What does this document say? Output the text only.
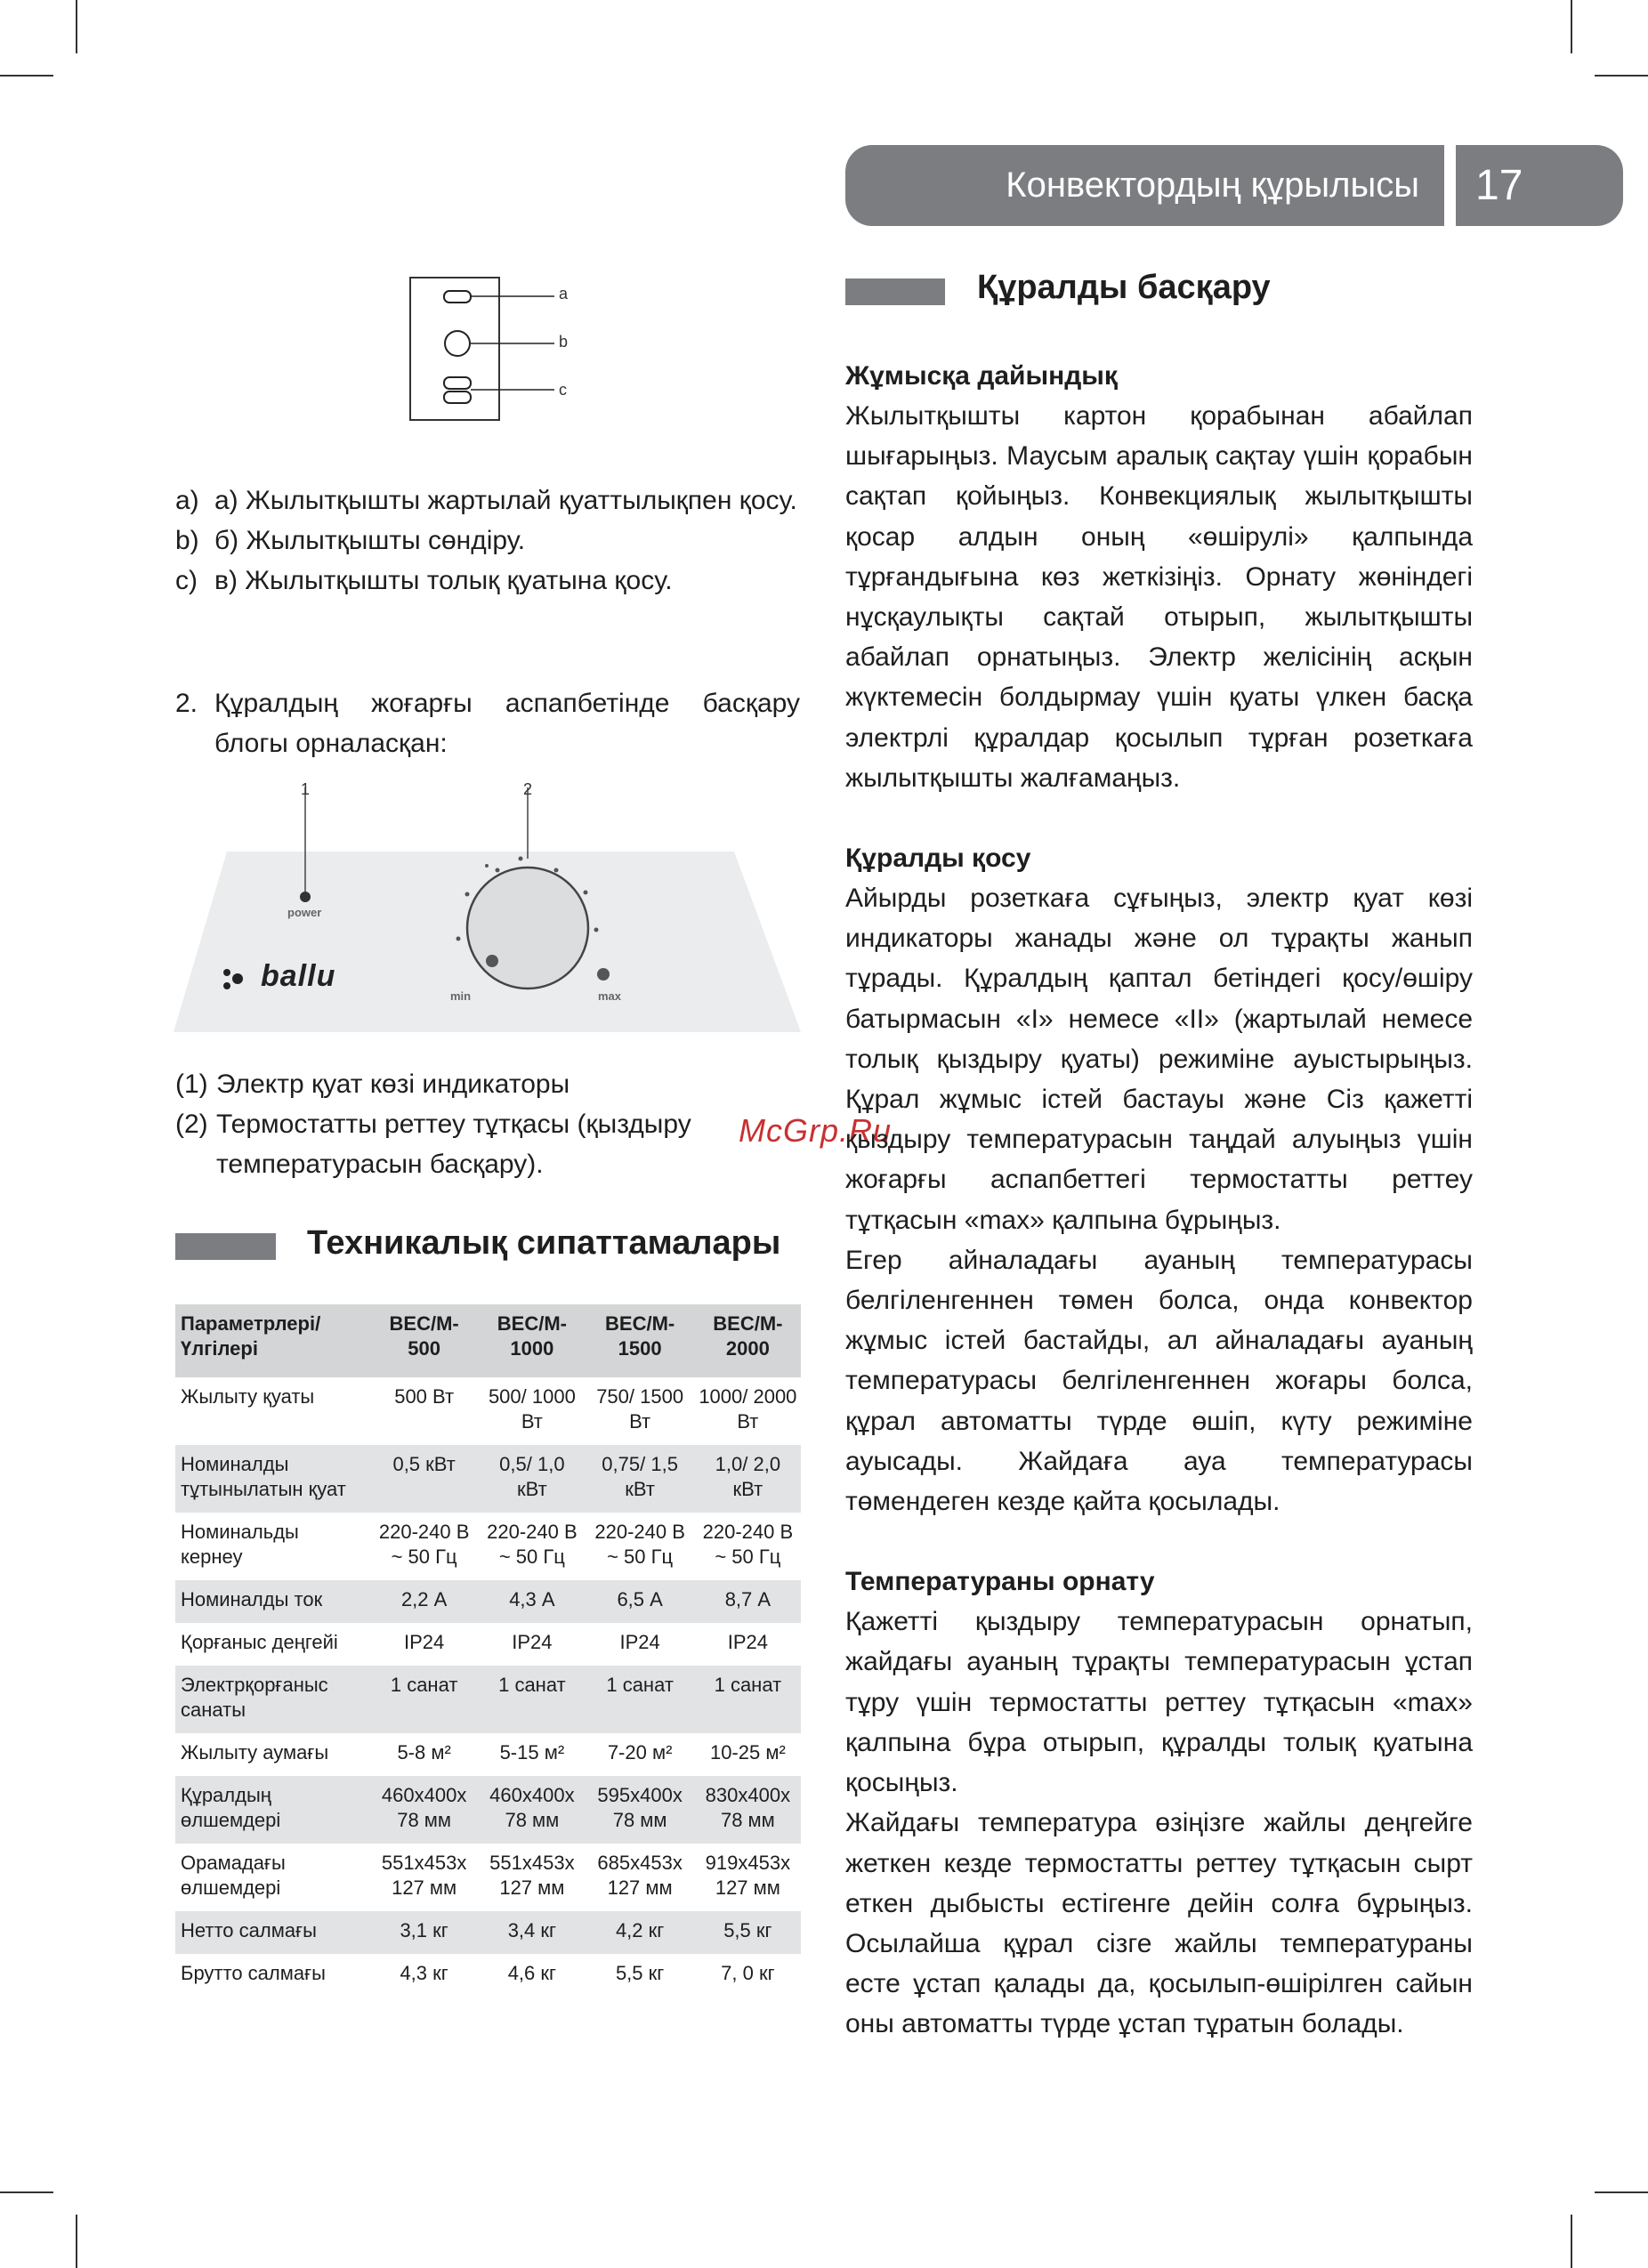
Конвектордың құрылысы	17
a
b
c
a) а) Жылытқышты жартылай қуаттылықпен қосу.
b) б) Жылытқышты сөндіру.
c) в) Жылытқышты толық қуатына қосу.
2. Құралдың жоғарғы аспапбетінде басқару блогы орналасқан:
1	2
power
ballu
min	max
(1) Электр қуат көзі индикаторы
(2) Термостатты реттеу тұтқасы (қыздыру температурасын басқару).
McGrp.Ru
Техникалық сипаттамалары
Параметрлері/ Үлгілері	BEC/M-500	BEC/M-1000	BEC/M-1500	BEC/M-2000
Жылыту қуаты	500 Вт	500/ 1000 Вт	750/ 1500 Вт	1000/ 2000 Вт
Номиналды тұтынылатын қуат	0,5 кВт	0,5/ 1,0 кВт	0,75/ 1,5 кВт	1,0/ 2,0 кВт
Номинальды кернеу	220-240 В ~ 50 Гц	220-240 В ~ 50 Гц	220-240 В ~ 50 Гц	220-240 В ~ 50 Гц
Номиналды ток	2,2 А	4,3 А	6,5 А	8,7 А
Қорғаныс деңгейі	IP24	IP24	IP24	IP24
Электрқорғаныс санаты	1 санат	1 санат	1 санат	1 санат
Жылыту аумағы	5-8 м²	5-15 м²	7-20 м²	10-25 м²
Құралдың өлшемдері	460x400x 78 мм	460x400x 78 мм	595x400x 78 мм	830x400x 78 мм
Орамадағы өлшемдері	551x453x 127 мм	551x453x 127 мм	685x453x 127 мм	919x453x 127 мм
Нетто салмағы	3,1 кг	3,4 кг	4,2 кг	5,5 кг
Брутто салмағы	4,3 кг	4,6 кг	5,5 кг	7, 0 кг
Құралды басқару

Жұмысқа дайындық

Жылытқышты картон қорабынан абайлап шығарыңыз. Маусым аралық сақтау үшін қорабын сақтап қойыңыз. Конвекциялық жылытқышты қосар алдын оның «өшірулі» қалпында тұрғандығына көз жеткізіңіз. Орнату жөніндегі нұсқаулықты сақтай отырып, жылытқышты абайлап орнатыңыз. Электр желісінің асқын жүктемесін болдырмау үшін қуаты үлкен басқа электрлі құралдар қосылып тұрған розеткаға жылытқышты жалғамаңыз.

Құралды қосу

Айырды розеткаға сұғыңыз, электр қуат көзі индикаторы жанады және ол тұрақты жанып тұрады. Құралдың қаптал бетіндегі қосу/өшіру батырмасын «I» немесе «II» (жартылай немесе толық қыздыру қуаты) режиміне ауыстырыңыз. Құрал жұмыс істей бастауы және Сіз қажетті қыздыру температурасын таңдай алуыңыз үшін жоғарғы аспапбеттегі термостатты реттеу тұтқасын «max» қалпына бұрыңыз.

Егер айналадағы ауаның температурасы белгіленгеннен төмен болса, онда конвектор жұмыс істей бастайды, ал айналадағы ауаның температурасы белгіленгеннен жоғары болса, құрал автоматты түрде өшіп, күту режиміне ауысады. Жайдаға ауа температурасы төмендеген кезде қайта қосылады.

Температураны орнату

Қажетті қыздыру температурасын орнатып, жайдағы ауаның тұрақты температурасын ұстап тұру үшін термостатты реттеу тұтқасын «max» қалпына бұра отырып, құралды толық қуатына қосыңыз.

Жайдағы температура өзіңізге жайлы деңгейге жеткен кезде термостатты реттеу тұтқасын сырт еткен дыбысты естігенге дейін солға бұрыңыз. Осылайша құрал сізге жайлы температураны есте ұстап қалады да, қосылып-өшірілген сайын оны автоматты түрде ұстап тұратын болады.
